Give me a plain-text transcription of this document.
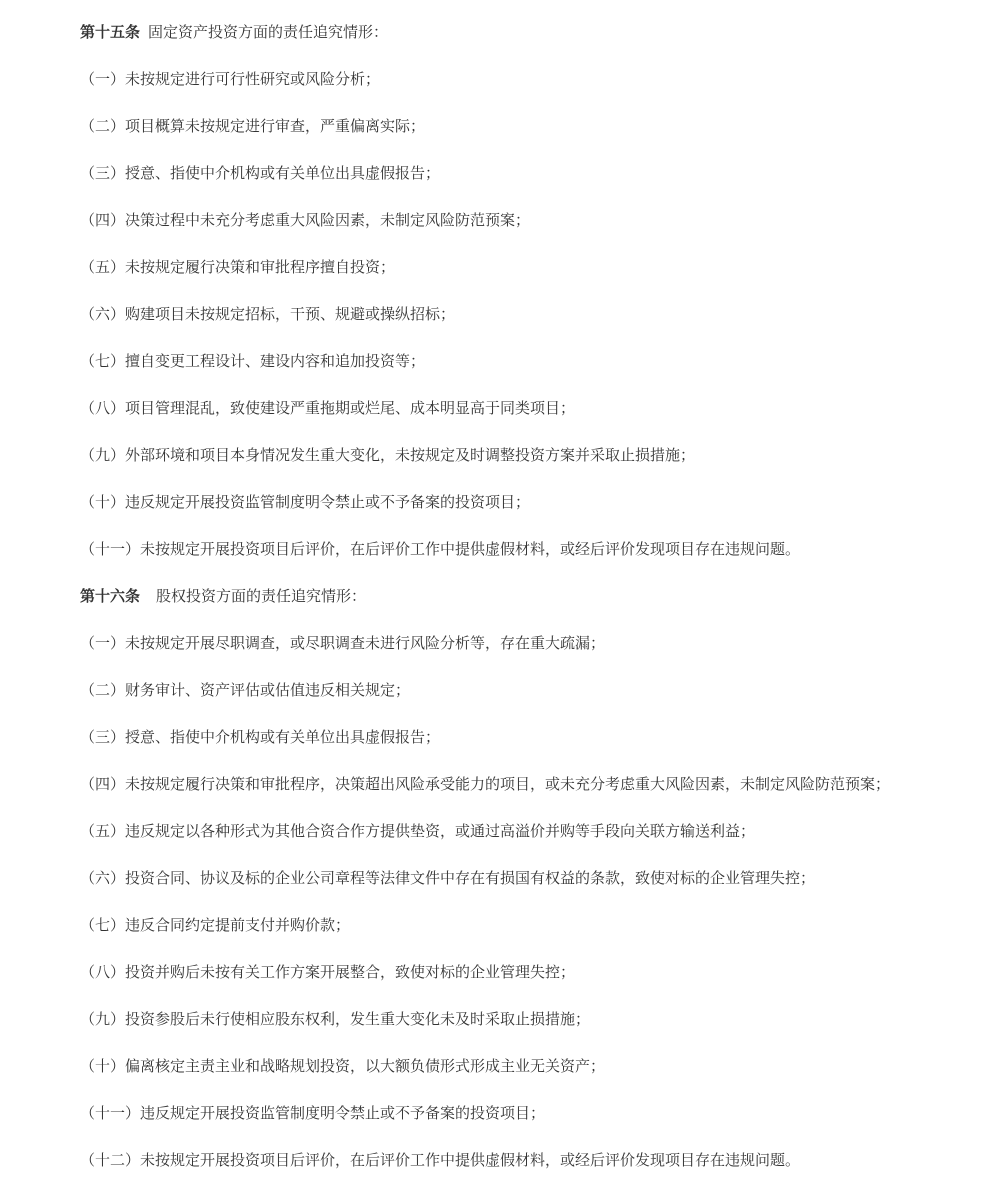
第十五条 固定资产投资方面的责任追究情形：
（一）未按规定进行可行性研究或风险分析；
（二）项目概算未按规定进行审查，严重偏离实际；
（三）授意、指使中介机构或有关单位出具虚假报告；
（四）决策过程中未充分考虑重大风险因素，未制定风险防范预案；
（五）未按规定履行决策和审批程序擅自投资；
（六）购建项目未按规定招标，干预、规避或操纵招标；
（七）擅自变更工程设计、建设内容和追加投资等；
（八）项目管理混乱，致使建设严重拖期或烂尾、成本明显高于同类项目；
（九）外部环境和项目本身情况发生重大变化，未按规定及时调整投资方案并采取止损措施；
（十）违反规定开展投资监管制度明令禁止或不予备案的投资项目；
（十一）未按规定开展投资项目后评价，在后评价工作中提供虚假材料，或经后评价发现项目存在违规问题。
第十六条 股权投资方面的责任追究情形：
（一）未按规定开展尽职调查，或尽职调查未进行风险分析等，存在重大疏漏；
（二）财务审计、资产评估或估值违反相关规定；
（三）授意、指使中介机构或有关单位出具虚假报告；
（四）未按规定履行决策和审批程序，决策超出风险承受能力的项目，或未充分考虑重大风险因素，未制定风险防范预案；
（五）违反规定以各种形式为其他合资合作方提供垫资，或通过高溢价并购等手段向关联方输送利益；
（六）投资合同、协议及标的企业公司章程等法律文件中存在有损国有权益的条款，致使对标的企业管理失控；
（七）违反合同约定提前支付并购价款；
（八）投资并购后未按有关工作方案开展整合，致使对标的企业管理失控；
（九）投资参股后未行使相应股东权利，发生重大变化未及时采取止损措施；
（十）偏离核定主责主业和战略规划投资，以大额负债形式形成主业无关资产；
（十一）违反规定开展投资监管制度明令禁止或不予备案的投资项目；
（十二）未按规定开展投资项目后评价，在后评价工作中提供虚假材料，或经后评价发现项目存在违规问题。
